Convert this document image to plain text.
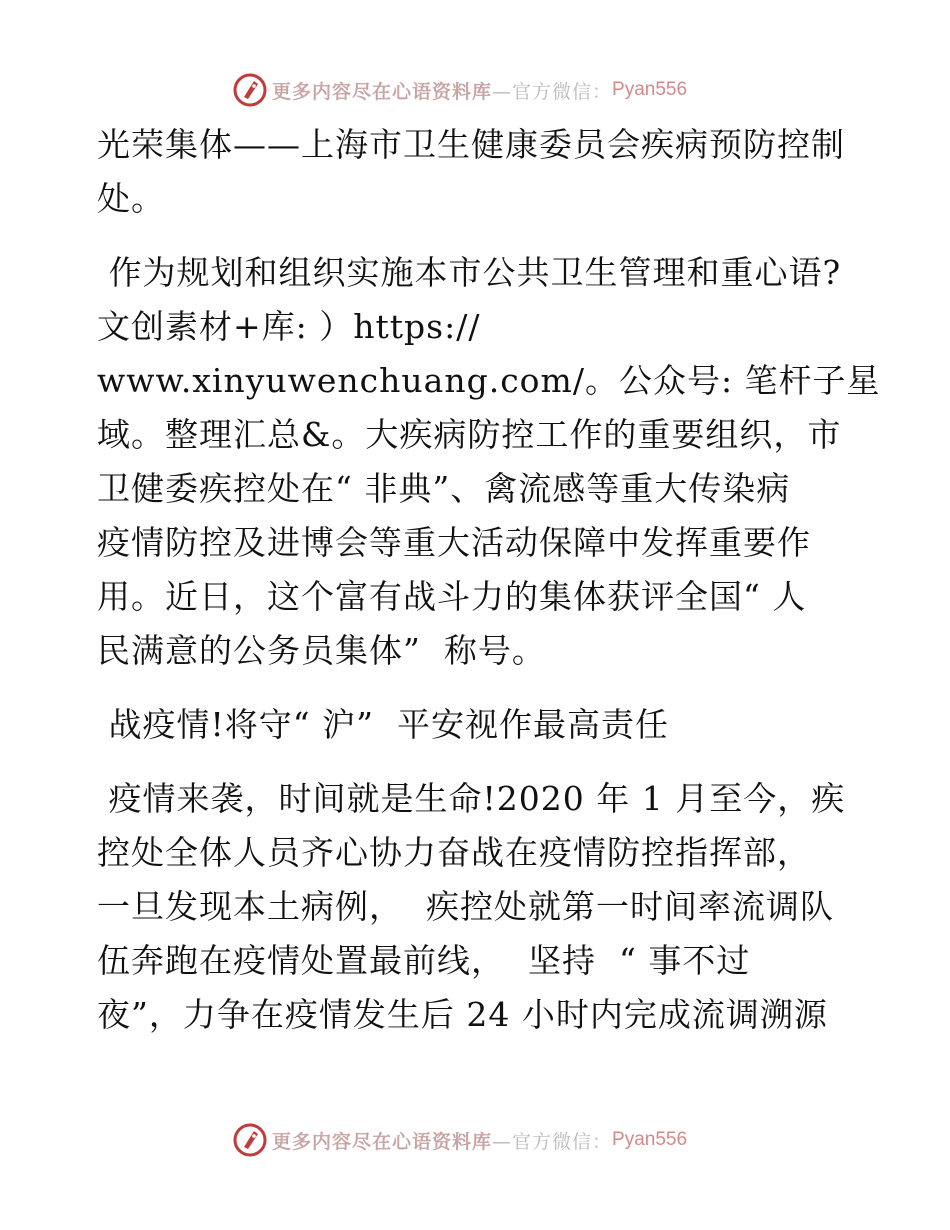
更多内容尽在心语资料库 —官方微信： Pyan556
光荣集体——上海市卫生健康委员会疾病预防控制
处。
作为规划和组织实施本市公共卫生管理和重心语?
文创素材+库: ）https://
www.xinyuwenchuang.com/。公众号: 笔杆子星
域。整理汇总&。大疾病防控工作的重要组织，市
卫健委疾控处在“ 非典”、禽流感等重大传染病
疫情防控及进博会等重大活动保障中发挥重要作
用。近日，这个富有战斗力的集体获评全国“ 人
民满意的公务员集体”  称号。
战疫情!将守“ 沪”  平安视作最高责任
疫情来袭，时间就是生命!2020 年 1 月至今，疾
控处全体人员齐心协力奋战在疫情防控指挥部，
一旦发现本土病例，  疾控处就第一时间率流调队
伍奔跑在疫情处置最前线，  坚持  “ 事不过
夜”，力争在疫情发生后 24 小时内完成流调溯源
更多内容尽在心语资料库 —官方微信： Pyan556
